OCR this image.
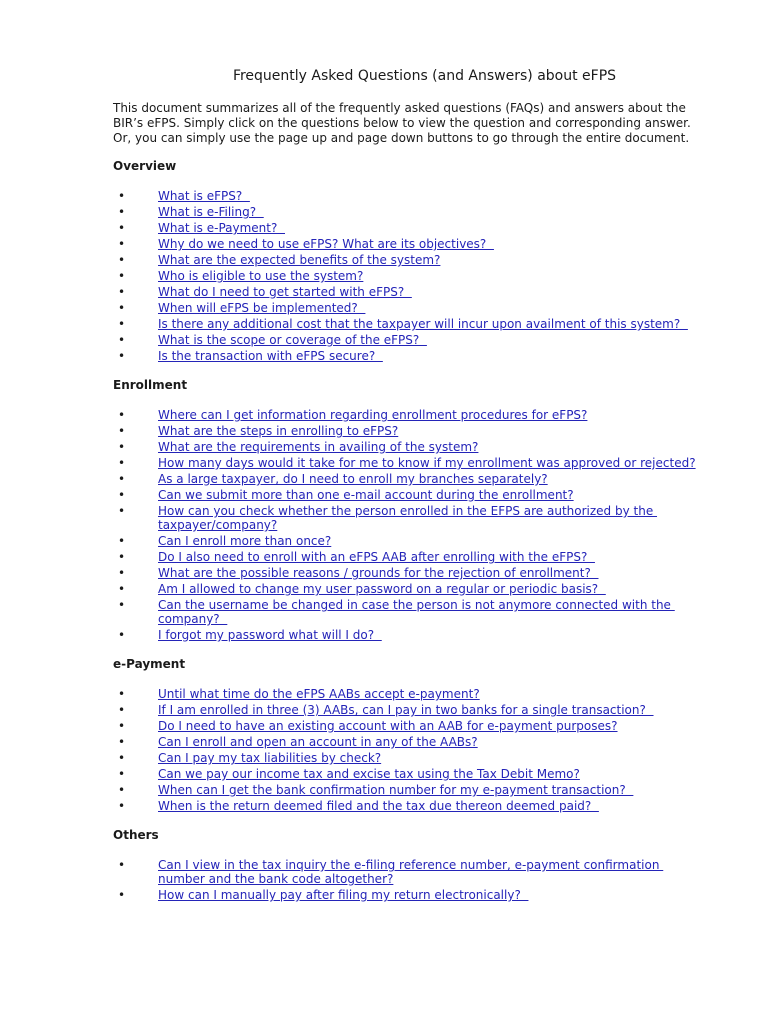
Frequently Asked Questions (and Answers) about eFPS

This document summarizes all of the frequently asked questions (FAQs) and answers about the
BIR’s eFPS. Simply click on the questions below to view the question and corresponding answer.
Or, you can simply use the page up and page down buttons to go through the entire document.

Overview
•	What is eFPS?
•	What is e-Filing?
•	What is e-Payment?
•	Why do we need to use eFPS? What are its objectives?
•	What are the expected benefits of the system?
•	Who is eligible to use the system?
•	What do I need to get started with eFPS?
•	When will eFPS be implemented?
•	Is there any additional cost that the taxpayer will incur upon availment of this system?
•	What is the scope or coverage of the eFPS?
•	Is the transaction with eFPS secure?
Enrollment
•	Where can I get information regarding enrollment procedures for eFPS?
•	What are the steps in enrolling to eFPS?
•	What are the requirements in availing of the system?
•	How many days would it take for me to know if my enrollment was approved or rejected?
•	As a large taxpayer, do I need to enroll my branches separately?
•	Can we submit more than one e-mail account during the enrollment?
•	How can you check whether the person enrolled in the EFPS are authorized by the
taxpayer/company?
•	Can I enroll more than once?
•	Do I also need to enroll with an eFPS AAB after enrolling with the eFPS?
•	What are the possible reasons / grounds for the rejection of enrollment?
•	Am I allowed to change my user password on a regular or periodic basis?
•	Can the username be changed in case the person is not anymore connected with the
company?
•	I forgot my password what will I do?
e-Payment
•	Until what time do the eFPS AABs accept e-payment?
•	If I am enrolled in three (3) AABs, can I pay in two banks for a single transaction?
•	Do I need to have an existing account with an AAB for e-payment purposes?
•	Can I enroll and open an account in any of the AABs?
•	Can I pay my tax liabilities by check?
•	Can we pay our income tax and excise tax using the Tax Debit Memo?
•	When can I get the bank confirmation number for my e-payment transaction?
•	When is the return deemed filed and the tax due thereon deemed paid?
Others
•	Can I view in the tax inquiry the e-filing reference number, e-payment confirmation
number and the bank code altogether?
•	How can I manually pay after filing my return electronically?
